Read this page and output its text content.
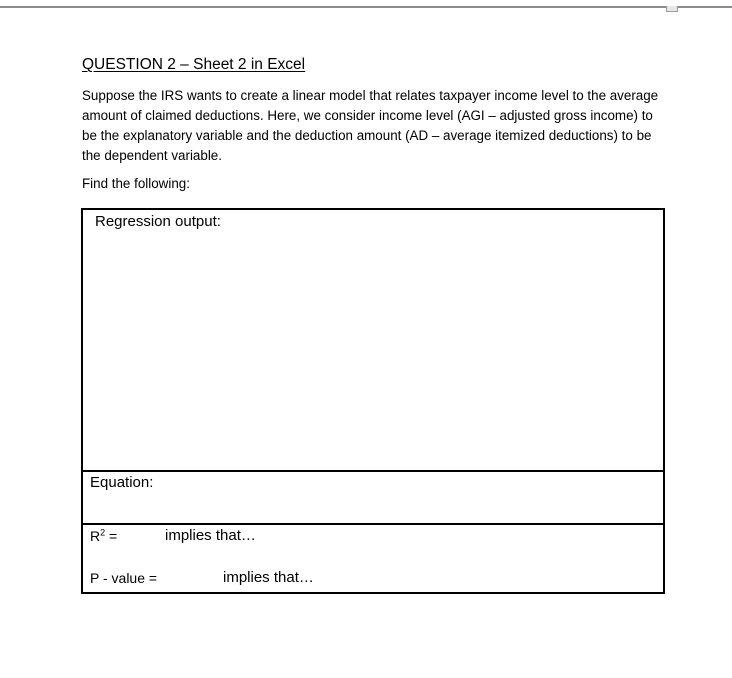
QUESTION 2 – Sheet 2 in Excel
Suppose the IRS wants to create a linear model that relates taxpayer income level to the average amount of claimed deductions. Here, we consider income level (AGI – adjusted gross income) to be the explanatory variable and the deduction amount (AD – average itemized deductions) to be the dependent variable.
Find the following:
Regression output:
Equation:
$R^2$ =	implies that…
P - value =	implies that…
